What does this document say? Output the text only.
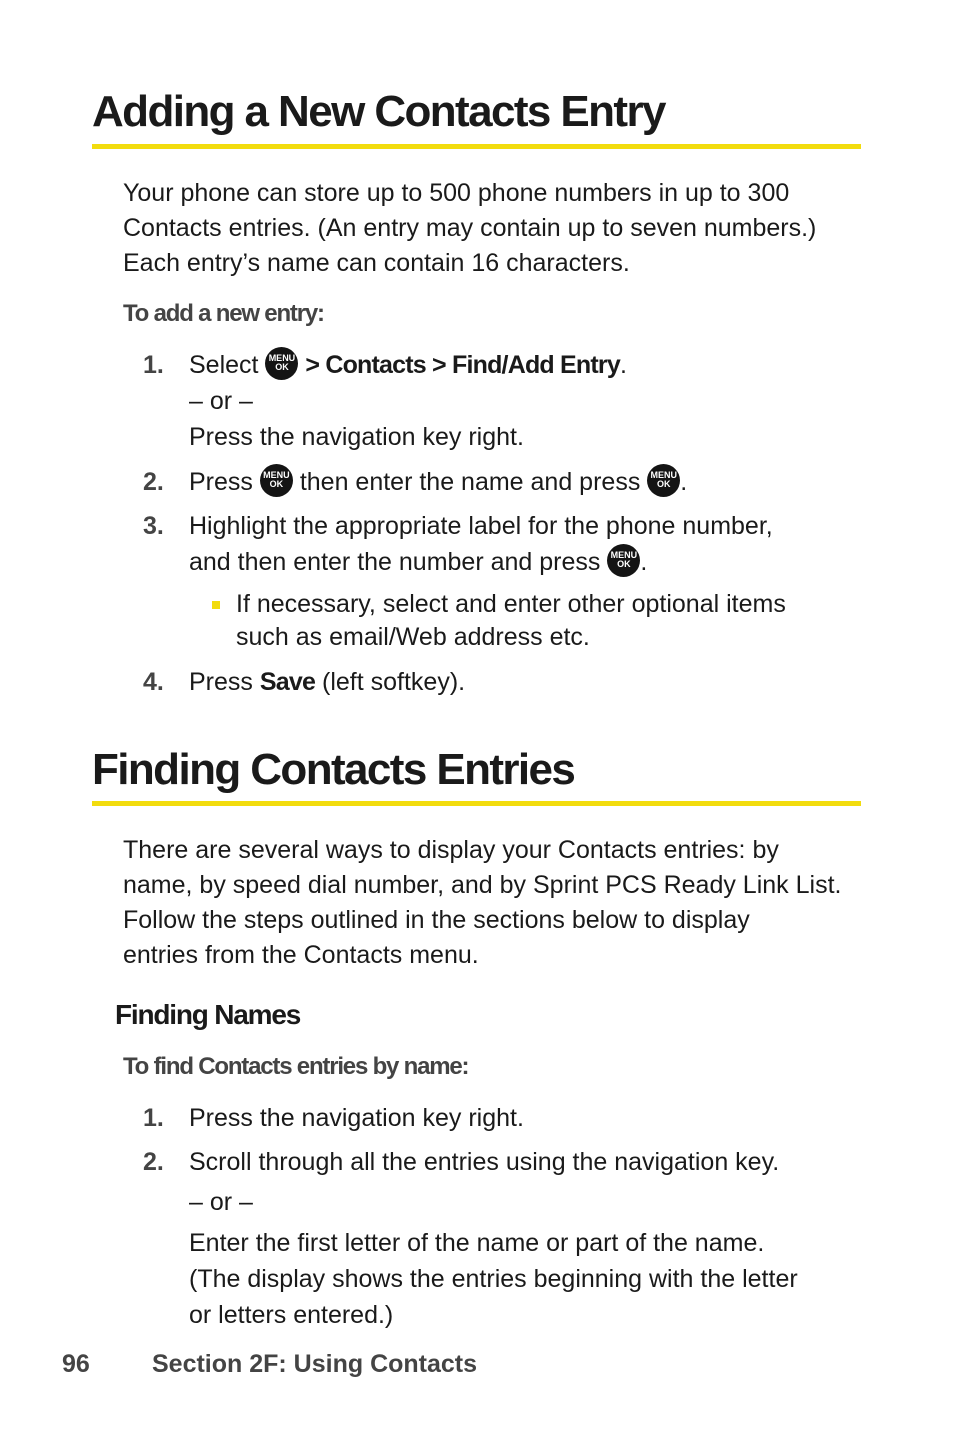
Adding a New Contacts Entry

Your phone can store up to 500 phone numbers in up to 300
Contacts entries. (An entry may contain up to seven numbers.)
Each entry’s name can contain 16 characters.

To add a new entry:

1. Select MENU
OK > Contacts > Find/Add Entry.
– or –
Press the navigation key right.
2. Press MENU
OK then enter the name and press MENU
OK .
3. Highlight the appropriate label for the phone number,
and then enter the number and press MENU
OK .
If necessary, select and enter other optional items
such as email/Web address etc.
4. Press Save (left softkey).
Finding Contacts Entries

There are several ways to display your Contacts entries: by
name, by speed dial number, and by Sprint PCS Ready Link List.
Follow the steps outlined in the sections below to display
entries from the Contacts menu.

Finding Names

To find Contacts entries by name:

1. Press the navigation key right.
2. Scroll through all the entries using the navigation key.
– or –
Enter the first letter of the name or part of the name.
(The display shows the entries beginning with the letter
or letters entered.)
96 Section 2F: Using Contacts
